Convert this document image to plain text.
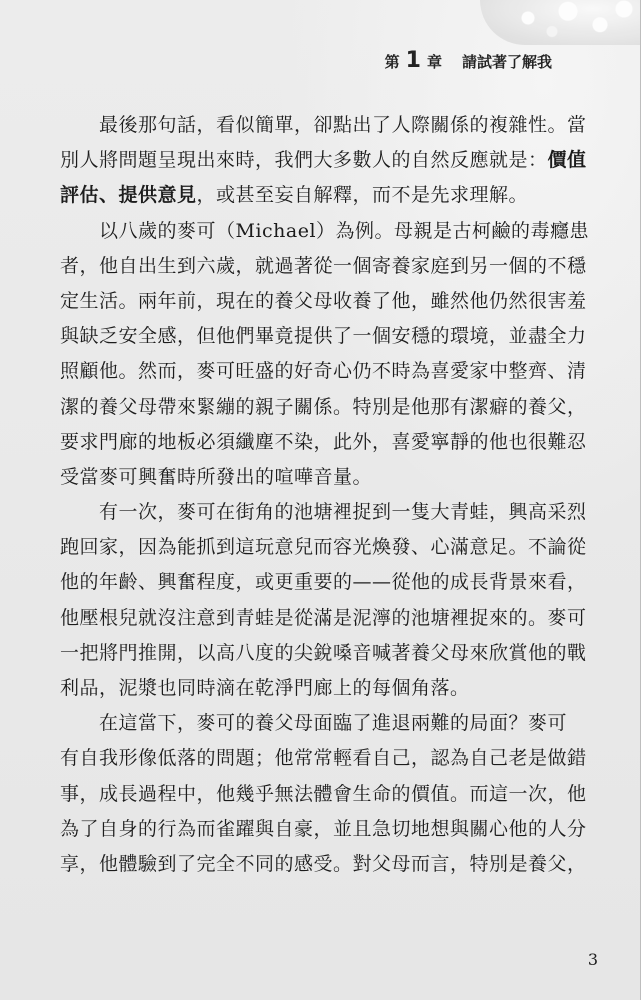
第 1 章 請試著了解我
　　最後那句話，看似簡單，卻點出了人際關係的複雜性。當
別人將問題呈現出來時，我們大多數人的自然反應就是：價值
評估、提供意見，或甚至妄自解釋，而不是先求理解。
　　以八歲的麥可（Michael）為例。母親是古柯鹼的毒癮患
者，他自出生到六歲，就過著從一個寄養家庭到另一個的不穩
定生活。兩年前，現在的養父母收養了他，雖然他仍然很害羞
與缺乏安全感，但他們畢竟提供了一個安穩的環境，並盡全力
照顧他。然而，麥可旺盛的好奇心仍不時為喜愛家中整齊、清
潔的養父母帶來緊繃的親子關係。特別是他那有潔癖的養父，
要求門廊的地板必須纖塵不染，此外，喜愛寧靜的他也很難忍
受當麥可興奮時所發出的喧嘩音量。
　　有一次，麥可在街角的池塘裡捉到一隻大青蛙，興高采烈
跑回家，因為能抓到這玩意兒而容光煥發、心滿意足。不論從
他的年齡、興奮程度，或更重要的——從他的成長背景來看，
他壓根兒就沒注意到青蛙是從滿是泥濘的池塘裡捉來的。麥可
一把將門推開，以高八度的尖銳嗓音喊著養父母來欣賞他的戰
利品，泥漿也同時滴在乾淨門廊上的每個角落。
　　在這當下，麥可的養父母面臨了進退兩難的局面？麥可
有自我形像低落的問題；他常常輕看自己，認為自己老是做錯
事，成長過程中，他幾乎無法體會生命的價值。而這一次，他
為了自身的行為而雀躍與自豪，並且急切地想與關心他的人分
享，他體驗到了完全不同的感受。對父母而言，特別是養父，
3
